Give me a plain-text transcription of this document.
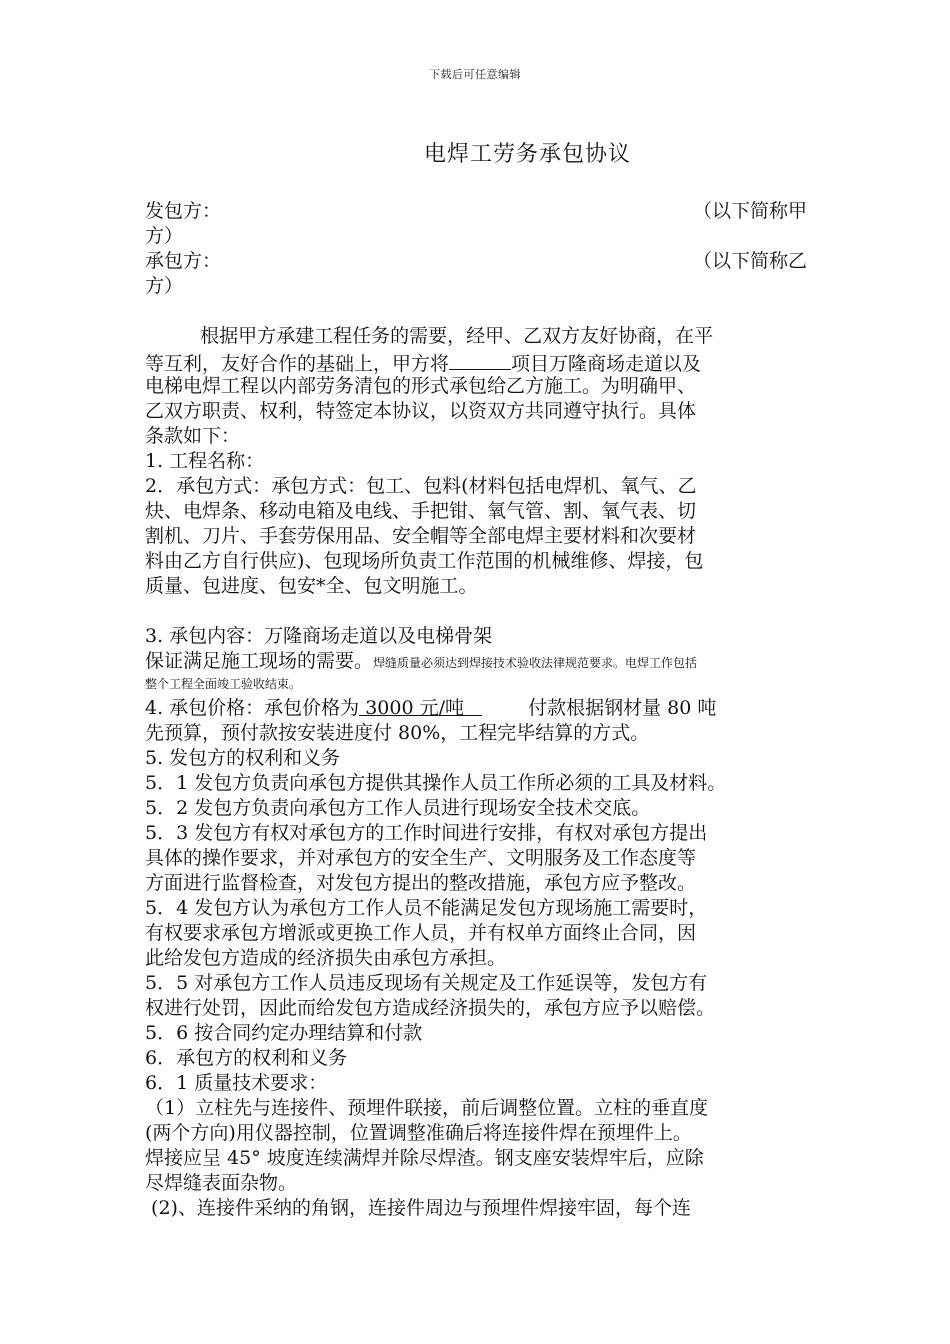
下载后可任意编辑
电焊工劳务承包协议
发包方：	（以下简称甲
方）
承包方：	（以下简称乙
方）
根据甲方承建工程任务的需要，经甲、乙双方友好协商，在平
等互利，友好合作的基础上，甲方将	项目万隆商场走道以及
电梯电焊工程以内部劳务清包的形式承包给乙方施工。为明确甲、
乙双方职责、权利，特签定本协议，以资双方共同遵守执行。具体
条款如下：
1. 工程名称：
2．承包方式：承包方式：包工、包料(材料包括电焊机、氧气、乙
炔、电焊条、移动电箱及电线、手把钳、氧气管、割、氧气表、切
割机、刀片、手套劳保用品、安全帽等全部电焊主要材料和次要材
料由乙方自行供应)、包现场所负责工作范围的机械维修、焊接，包
质量、包进度、包安*全、包文明施工。
3. 承包内容：万隆商场走道以及电梯骨架
保证满足施工现场的需要。焊缝质量必须达到焊接技术验收法律规范要求。电焊工作包括
整个工程全面竣工验收结束。
4. 承包价格：承包价格为 3000 元/吨   付款根据钢材量 80 吨
先预算，预付款按安装进度付 80%，工程完毕结算的方式。
5. 发包方的权利和义务
5．1 发包方负责向承包方提供其操作人员工作所必须的工具及材料。
5．2 发包方负责向承包方工作人员进行现场安全技术交底。
5．3 发包方有权对承包方的工作时间进行安排，有权对承包方提出
具体的操作要求，并对承包方的安全生产、文明服务及工作态度等
方面进行监督检查，对发包方提出的整改措施，承包方应予整改。
5．4 发包方认为承包方工作人员不能满足发包方现场施工需要时，
有权要求承包方增派或更换工作人员，并有权单方面终止合同，因
此给发包方造成的经济损失由承包方承担。
5．5 对承包方工作人员违反现场有关规定及工作延误等，发包方有
权进行处罚，因此而给发包方造成经济损失的，承包方应予以赔偿。
5．6 按合同约定办理结算和付款
6．承包方的权利和义务
6．1 质量技术要求：
（1）立柱先与连接件、预埋件联接，前后调整位置。立柱的垂直度
(两个方向)用仪器控制，位置调整准确后将连接件焊在预埋件上。
焊接应呈 45° 坡度连续满焊并除尽焊渣。钢支座安装焊牢后，应除
尽焊缝表面杂物。
(2)、连接件采纳的角钢，连接件周边与预埋件焊接牢固，每个连
